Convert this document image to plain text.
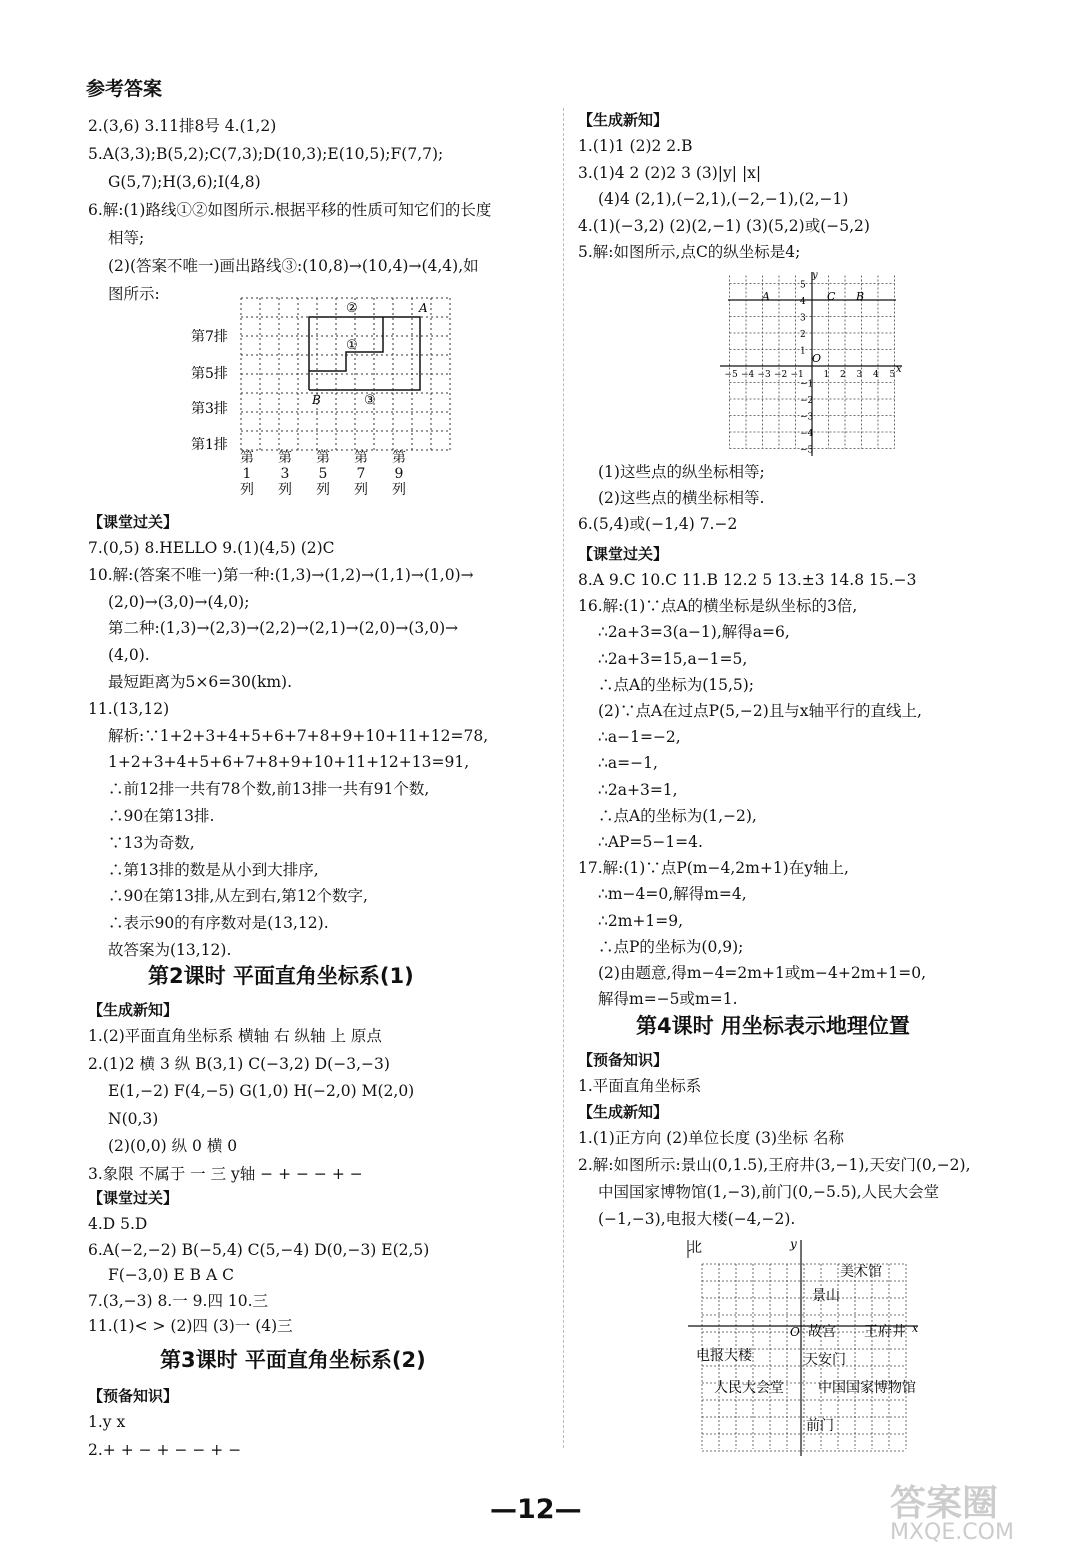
参考答案
2.(3,6) 3.11排8号 4.(1,2)
5.A(3,3);B(5,2);C(7,3);D(10,3);E(10,5);F(7,7);
G(5,7);H(3,6);I(4,8)
6.解:(1)路线①②如图所示.根据平移的性质可知它们的长度
相等;
(2)(答案不唯一)画出路线③:(10,8)→(10,4)→(4,4),如
图所示:
第7排
第5排
第3排
第1排
A
B
②
①
③
第
1
列
第
3
列
第
5
列
第
7
列
第
9
列
【课堂过关】
7.(0,5) 8.HELLO 9.(1)(4,5) (2)C
10.解:(答案不唯一)第一种:(1,3)→(1,2)→(1,1)→(1,0)→
(2,0)→(3,0)→(4,0);
第二种:(1,3)→(2,3)→(2,2)→(2,1)→(2,0)→(3,0)→
(4,0).
最短距离为5×6=30(km).
11.(13,12)
解析:∵1+2+3+4+5+6+7+8+9+10+11+12=78,
1+2+3+4+5+6+7+8+9+10+11+12+13=91,
∴前12排一共有78个数,前13排一共有91个数,
∴90在第13排.
∵13为奇数,
∴第13排的数是从小到大排序,
∴90在第13排,从左到右,第12个数字,
∴表示90的有序数对是(13,12).
故答案为(13,12).
第2课时 平面直角坐标系(1)
【生成新知】
1.(2)平面直角坐标系 横轴 右 纵轴 上 原点
2.(1)2 横 3 纵 B(3,1) C(−3,2) D(−3,−3)
E(1,−2) F(4,−5) G(1,0) H(−2,0) M(2,0)
N(0,3)
(2)(0,0) 纵 0 横 0
3.象限 不属于 一 三 y轴 − + − − + −
【课堂过关】
4.D 5.D
6.A(−2,−2) B(−5,4) C(5,−4) D(0,−3) E(2,5)
F(−3,0) E B A C
7.(3,−3) 8.一 9.四 10.三
11.(1)< > (2)四 (3)一 (4)三
第3课时 平面直角坐标系(2)
【预备知识】
1.y x
2.+ + − + − − + −
【生成新知】
1.(1)1 (2)2 2.B
3.(1)4 2 (2)2 3 (3)|y| |x|
(4)4 (2,1),(−2,1),(−2,−1),(2,−1)
4.(1)(−3,2) (2)(2,−1) (3)(5,2)或(−5,2)
5.解:如图所示,点C的纵坐标是4;
−5 −4 −3 −2 −1 1 2 3 4 5
5
4
3
2
1
−1
−2
−3
−4
−5
A	C B
O
x
y
(1)这些点的纵坐标相等;
(2)这些点的横坐标相等.
6.(5,4)或(−1,4) 7.−2
【课堂过关】
8.A 9.C 10.C 11.B 12.2 5 13.±3 14.8 15.−3
16.解:(1)∵点A的横坐标是纵坐标的3倍,
∴2a+3=3(a−1),解得a=6,
∴2a+3=15,a−1=5,
∴点A的坐标为(15,5);
(2)∵点A在过点P(5,−2)且与x轴平行的直线上,
∴a−1=−2,
∴a=−1,
∴2a+3=1,
∴点A的坐标为(1,−2),
∴AP=5−1=4.
17.解:(1)∵点P(m−4,2m+1)在y轴上,
∴m−4=0,解得m=4,
∴2m+1=9,
∴点P的坐标为(0,9);
(2)由题意,得m−4=2m+1或m−4+2m+1=0,
解得m=−5或m=1.
第4课时 用坐标表示地理位置
【预备知识】
1.平面直角坐标系
【生成新知】
1.(1)正方向 (2)单位长度 (3)坐标 名称
2.解:如图所示:景山(0,1.5),王府井(3,−1),天安门(0,−2),
中国国家博物馆(1,−3),前门(0,−5.5),人民大会堂
(−1,−3),电报大楼(−4,−2).
北	y
x
O
美术馆
景山
故宫 王府井
电报大楼	天安门
人民大会堂 中国国家博物馆
前门
—12—	答案圈
MXQE.COM
